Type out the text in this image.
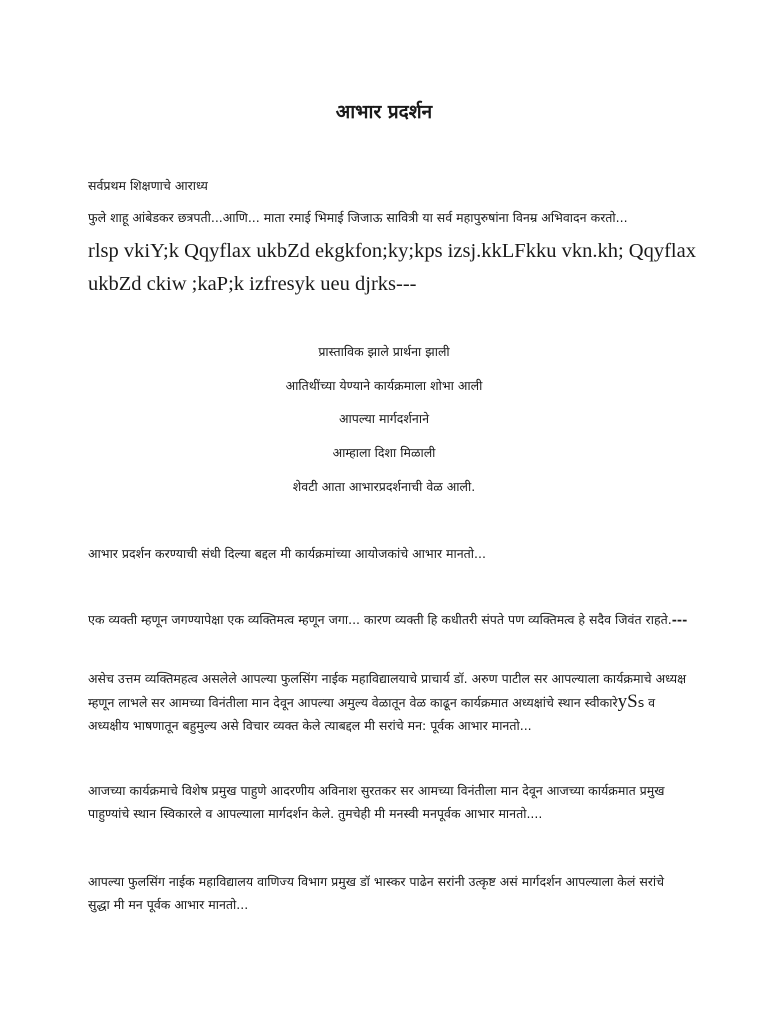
आभार प्रदर्शन

सर्वप्रथम शिक्षणाचे आराध्य

फुले शाहू आंबेडकर छत्रपती...आणि... माता रमाई भिमाई जिजाऊ सावित्री या सर्व महापुरुषांना विनम्र अभिवादन करतो...

rlsp vkiY;k Qqyflax ukbZd ekgkfon;ky;kps izsj.kkLFkku vkn.kh; Qqyflax ukbZd ckiw ;kaP;k izfresyk ueu djrks---

प्रास्ताविक झाले प्रार्थना झाली

आतिथींच्या येण्याने कार्यक्रमाला शोभा आली

आपल्या मार्गदर्शनाने

आम्हाला दिशा मिळाली

शेवटी आता आभारप्रदर्शनाची वेळ आली.

आभार प्रदर्शन करण्याची संधी दिल्या बद्दल मी कार्यक्रमांच्या आयोजकांचे आभार मानतो...

एक व्यक्ती म्हणून जगण्यापेक्षा एक व्यक्तिमत्व म्हणून जगा... कारण व्यक्ती हि कधीतरी संपते पण व्यक्तिमत्व हे सदैव जिवंत राहते.---

असेच उत्तम व्यक्तिमहत्व असलेले आपल्या फुलसिंग नाईक महाविद्यालयाचे प्राचार्य डॉ. अरुण पाटील सर आपल्याला कार्यक्रमाचे अध्यक्ष म्हणून लाभले सर आमच्या विनंतीला मान देवून आपल्या अमुल्य वेळातून वेळ काढून कार्यक्रमात अध्यक्षांचे स्थान स्वीकारेySs व अध्यक्षीय भाषणातून बहुमुल्य असे विचार व्यक्त केले त्याबद्दल मी सरांचे मन: पूर्वक आभार मानतो...

आजच्या कार्यक्रमाचे विशेष प्रमुख पाहुणे आदरणीय अविनाश सुरतकर सर आमच्या विनंतीला मान देवून आजच्या कार्यक्रमात प्रमुख पाहुण्यांचे स्थान स्विकारले व आपल्याला मार्गदर्शन केले. तुमचेही मी मनस्वी मनपूर्वक आभार मानतो....

आपल्या फुलसिंग नाईक महाविद्यालय वाणिज्य विभाग प्रमुख डॉ भास्कर पाढेन सरांनी उत्कृष्ट असं मार्गदर्शन आपल्याला केलं सरांचे सुद्धा मी मन पूर्वक आभार मानतो...
